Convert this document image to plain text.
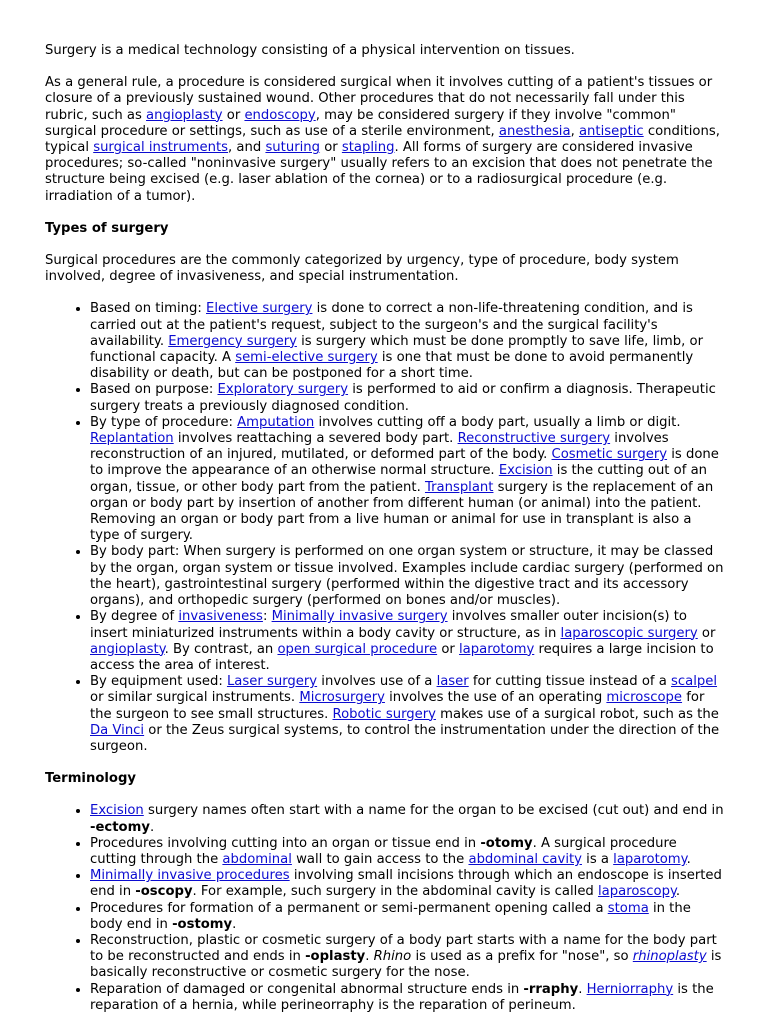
Surgery is a medical technology consisting of a physical intervention on tissues.

As a general rule, a procedure is considered surgical when it involves cutting of a patient's tissues or closure of a previously sustained wound. Other procedures that do not necessarily fall under this rubric, such as angioplasty or endoscopy, may be considered surgery if they involve "common" surgical procedure or settings, such as use of a sterile environment, anesthesia, antiseptic conditions, typical surgical instruments, and suturing or stapling. All forms of surgery are considered invasive procedures; so-called "noninvasive surgery" usually refers to an excision that does not penetrate the structure being excised (e.g. laser ablation of the cornea) or to a radiosurgical procedure (e.g. irradiation of a tumor).

Types of surgery

Surgical procedures are the commonly categorized by urgency, type of procedure, body system involved, degree of invasiveness, and special instrumentation.

• Based on timing: Elective surgery is done to correct a non-life-threatening condition, and is carried out at the patient's request, subject to the surgeon's and the surgical facility's availability. Emergency surgery is surgery which must be done promptly to save life, limb, or functional capacity. A semi-elective surgery is one that must be done to avoid permanently disability or death, but can be postponed for a short time.
• Based on purpose: Exploratory surgery is performed to aid or confirm a diagnosis. Therapeutic surgery treats a previously diagnosed condition.
• By type of procedure: Amputation involves cutting off a body part, usually a limb or digit. Replantation involves reattaching a severed body part. Reconstructive surgery involves reconstruction of an injured, mutilated, or deformed part of the body. Cosmetic surgery is done to improve the appearance of an otherwise normal structure. Excision is the cutting out of an organ, tissue, or other body part from the patient. Transplant surgery is the replacement of an organ or body part by insertion of another from different human (or animal) into the patient. Removing an organ or body part from a live human or animal for use in transplant is also a type of surgery.
• By body part: When surgery is performed on one organ system or structure, it may be classed by the organ, organ system or tissue involved. Examples include cardiac surgery (performed on the heart), gastrointestinal surgery (performed within the digestive tract and its accessory organs), and orthopedic surgery (performed on bones and/or muscles).
• By degree of invasiveness: Minimally invasive surgery involves smaller outer incision(s) to insert miniaturized instruments within a body cavity or structure, as in laparoscopic surgery or angioplasty. By contrast, an open surgical procedure or laparotomy requires a large incision to access the area of interest.
• By equipment used: Laser surgery involves use of a laser for cutting tissue instead of a scalpel or similar surgical instruments. Microsurgery involves the use of an operating microscope for the surgeon to see small structures. Robotic surgery makes use of a surgical robot, such as the Da Vinci or the Zeus surgical systems, to control the instrumentation under the direction of the surgeon.
Terminology
• Excision surgery names often start with a name for the organ to be excised (cut out) and end in -ectomy.
• Procedures involving cutting into an organ or tissue end in -otomy. A surgical procedure cutting through the abdominal wall to gain access to the abdominal cavity is a laparotomy.
• Minimally invasive procedures involving small incisions through which an endoscope is inserted end in -oscopy. For example, such surgery in the abdominal cavity is called laparoscopy.
• Procedures for formation of a permanent or semi-permanent opening called a stoma in the body end in -ostomy.
• Reconstruction, plastic or cosmetic surgery of a body part starts with a name for the body part to be reconstructed and ends in -oplasty. Rhino is used as a prefix for "nose", so rhinoplasty is basically reconstructive or cosmetic surgery for the nose.
• Reparation of damaged or congenital abnormal structure ends in -rraphy. Herniorraphy is the reparation of a hernia, while perineorraphy is the reparation of perineum.
